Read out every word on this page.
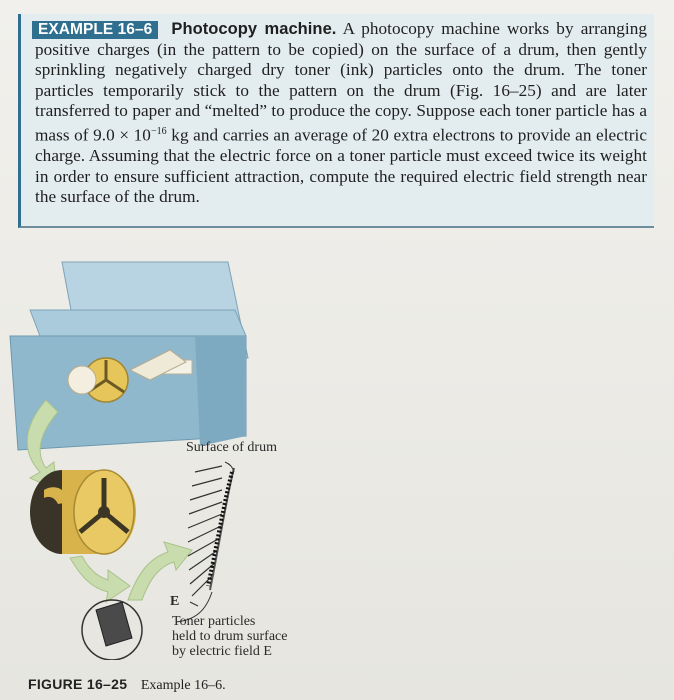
EXAMPLE 16–6 Photocopy machine. A photocopy machine works by arranging positive charges (in the pattern to be copied) on the surface of a drum, then gently sprinkling negatively charged dry toner (ink) particles onto the drum. The toner particles temporarily stick to the pattern on the drum (Fig. 16–25) and are later transferred to paper and “melted” to produce the copy. Suppose each toner particle has a mass of $9.0 \times 10^{-16}$ kg and carries an average of 20 extra electrons to provide an electric charge. Assuming that the electric force on a toner particle must exceed twice its weight in order to ensure sufficient attraction, compute the required electric field strength near the surface of the drum.
Surface of drum
E
Toner particles
held to drum surface
by electric field E
FIGURE 16–25 Example 16–6.
